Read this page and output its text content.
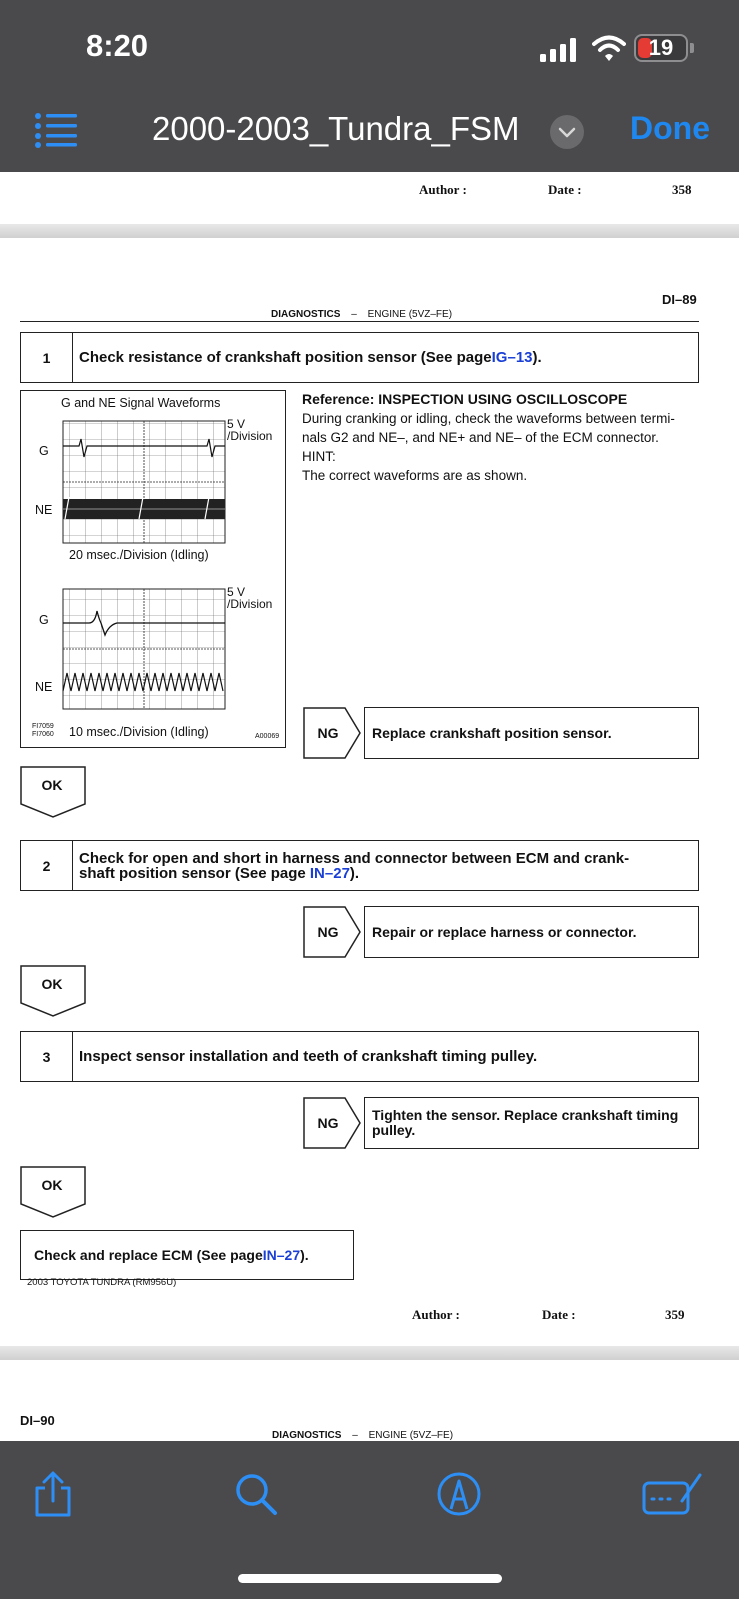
8:20	19
2000-2003_Tundra_FSM	Done
Author :	Date :	358
DI–89
DIAGNOSTICS – ENGINE (5VZ–FE)
1	Check resistance of crankshaft position sensor (See page IG–13 ).
G and NE Signal Waveforms
5 V
/Division
G
NE
20 msec./Division (Idling)
5 V
/Division
G
NE
FI7059
FI7060 10 msec./Division (Idling)	A00069
Reference: INSPECTION USING OSCILLOSCOPE
During cranking or idling, check the waveforms between termi-
nals G2 and NE–, and NE+ and NE– of the ECM connector.
HINT:
The correct waveforms are as shown.
NG	Replace crankshaft position sensor.
OK
2	Check for open and short in harness and connector between ECM and crank-
shaft position sensor (See page IN–27).
NG	Repair or replace harness or connector.
OK
3	Inspect sensor installation and teeth of crankshaft timing pulley.
NG	Tighten the sensor. Replace crankshaft timing
pulley.
OK
Check and replace ECM (See page IN–27 ).
2003 TOYOTA TUNDRA (RM956U)
Author :	Date :	359
DI–90
DIAGNOSTICS – ENGINE (5VZ–FE)
